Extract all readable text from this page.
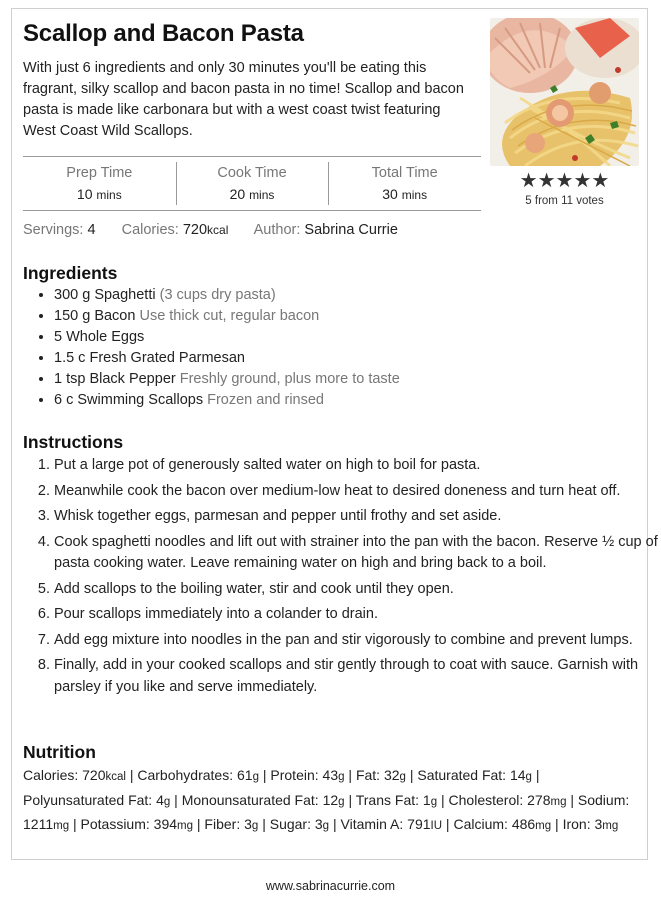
Scallop and Bacon Pasta

With just 6 ingredients and only 30 minutes you'll be eating this fragrant, silky scallop and bacon pasta in no time! Scallop and bacon pasta is made like carbonara but with a west coast twist featuring West Coast Wild Scallops.

★★★★★
5 from 11 votes
Prep Time
10 mins
Cook Time
20 mins
Total Time
30 mins
Servings: 4 Calories: 720kcal Author: Sabrina Currie
Ingredients
• 300 g Spaghetti (3 cups dry pasta)
• 150 g Bacon Use thick cut, regular bacon
• 5 Whole Eggs
• 1.5 c Fresh Grated Parmesan
• 1 tsp Black Pepper Freshly ground, plus more to taste
• 6 c Swimming Scallops Frozen and rinsed
Instructions
1. Put a large pot of generously salted water on high to boil for pasta.
2. Meanwhile cook the bacon over medium-low heat to desired doneness and turn heat off.
3. Whisk together eggs, parmesan and pepper until frothy and set aside.
4. Cook spaghetti noodles and lift out with strainer into the pan with the bacon. Reserve ½ cup of pasta cooking water. Leave remaining water on high and bring back to a boil.
5. Add scallops to the boiling water, stir and cook until they open.
6. Pour scallops immediately into a colander to drain.
7. Add egg mixture into noodles in the pan and stir vigorously to combine and prevent lumps.
8. Finally, add in your cooked scallops and stir gently through to coat with sauce. Garnish with parsley if you like and serve immediately.
Nutrition

Calories: 720kcal | Carbohydrates: 61g | Protein: 43g | Fat: 32g | Saturated Fat: 14g | Polyunsaturated Fat: 4g | Monounsaturated Fat: 12g | Trans Fat: 1g | Cholesterol: 278mg | Sodium: 1211mg | Potassium: 394mg | Fiber: 3g | Sugar: 3g | Vitamin A: 791IU | Calcium: 486mg | Iron: 3mg

www.sabrinacurrie.com
